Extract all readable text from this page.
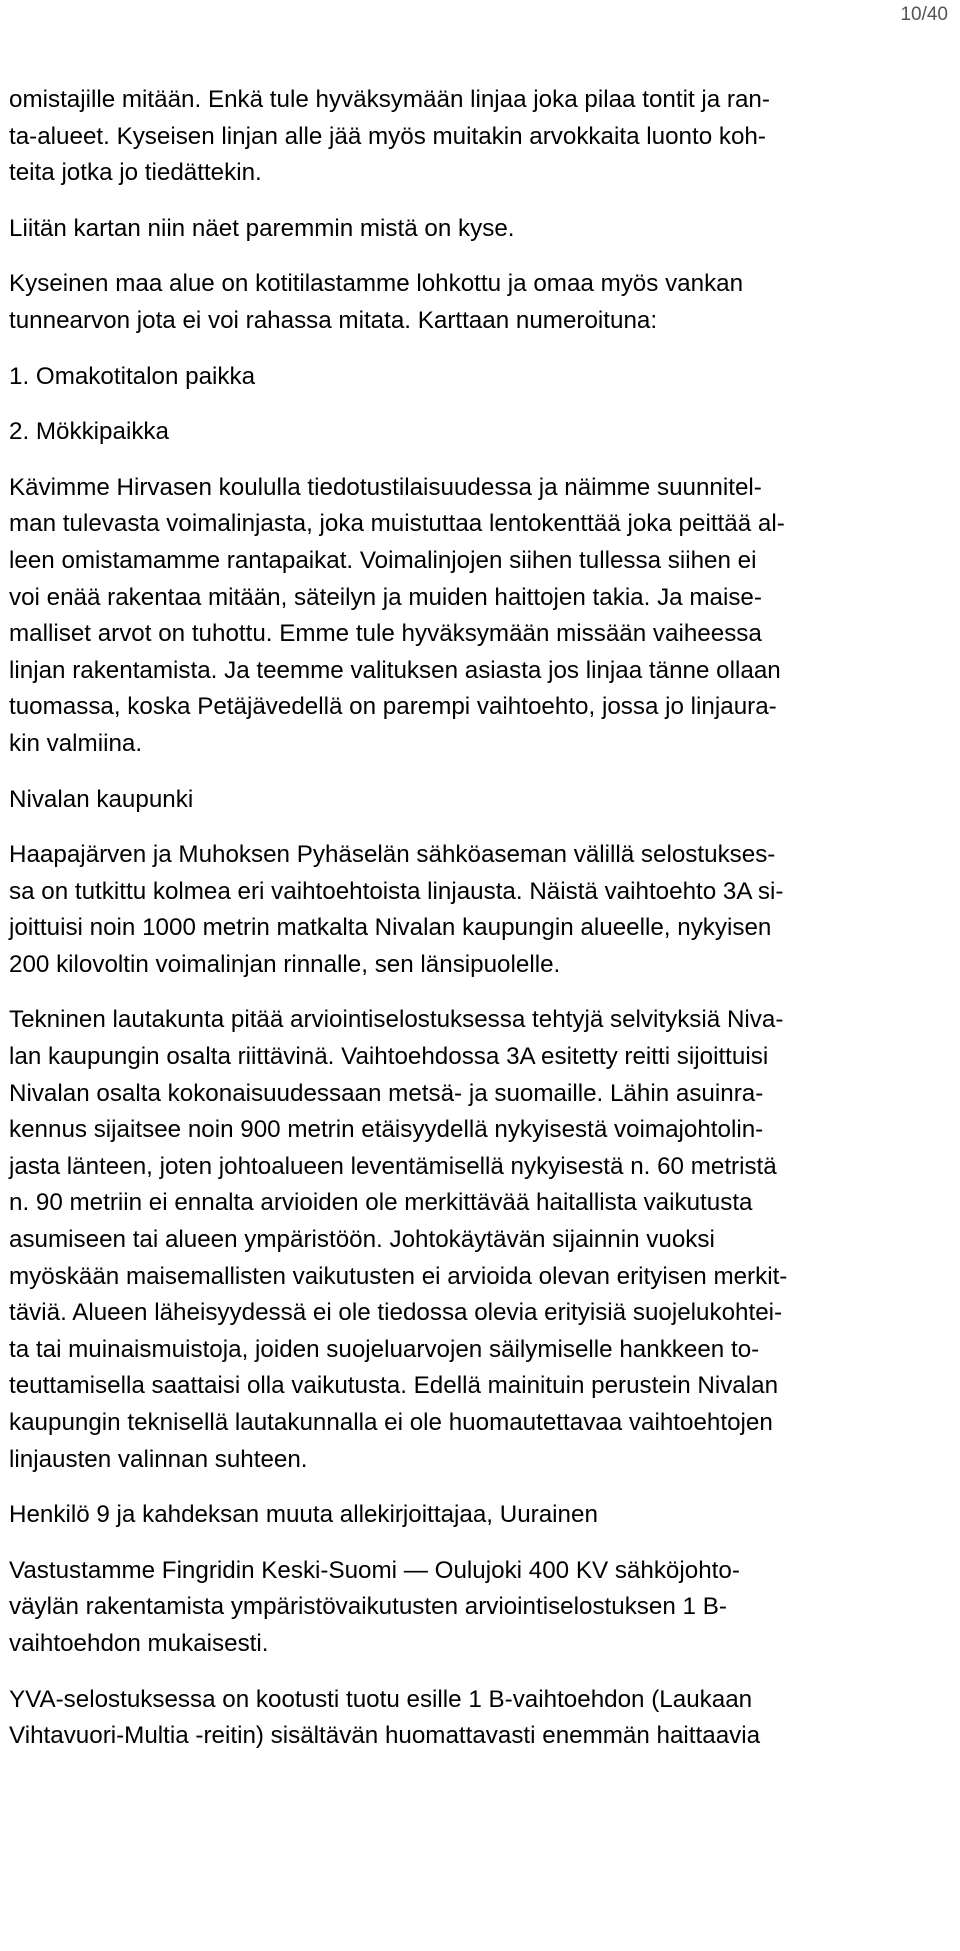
10/40
omistajille mitään. Enkä tule hyväksymään linjaa joka pilaa tontit ja ran-
ta-alueet. Kyseisen linjan alle jää myös muitakin arvokkaita luonto koh-
teita jotka jo tiedättekin.
Liitän kartan niin näet paremmin mistä on kyse.
Kyseinen maa alue on kotitilastamme lohkottu ja omaa myös vankan
tunnearvon jota ei voi rahassa mitata. Karttaan numeroituna:
1. Omakotitalon paikka
2. Mökkipaikka
Kävimme Hirvasen koululla tiedotustilaisuudessa ja näimme suunnitel-
man tulevasta voimalinjasta, joka muistuttaa lentokenttää joka peittää al-
leen omistamamme rantapaikat. Voimalinjojen siihen tullessa siihen ei
voi enää rakentaa mitään, säteilyn ja muiden haittojen takia. Ja maise-
malliset arvot on tuhottu. Emme tule hyväksymään missään vaiheessa
linjan rakentamista. Ja teemme valituksen asiasta jos linjaa tänne ollaan
tuomassa, koska Petäjävedellä on parempi vaihtoehto, jossa jo linjaura-
kin valmiina.
Nivalan kaupunki
Haapajärven ja Muhoksen Pyhäselän sähköaseman välillä selostukses-
sa on tutkittu kolmea eri vaihtoehtoista linjausta. Näistä vaihtoehto 3A si-
joittuisi noin 1000 metrin matkalta Nivalan kaupungin alueelle, nykyisen
200 kilovoltin voimalinjan rinnalle, sen länsipuolelle.
Tekninen lautakunta pitää arviointiselostuksessa tehtyjä selvityksiä Niva-
lan kaupungin osalta riittävinä. Vaihtoehdossa 3A esitetty reitti sijoittuisi
Nivalan osalta kokonaisuudessaan metsä- ja suomaille. Lähin asuinra-
kennus sijaitsee noin 900 metrin etäisyydellä nykyisestä voimajohtolin-
jasta länteen, joten johtoalueen leventämisellä nykyisestä n. 60 metristä
n. 90 metriin ei ennalta arvioiden ole merkittävää haitallista vaikutusta
asumiseen tai alueen ympäristöön. Johtokäytävän sijainnin vuoksi
myöskään maisemallisten vaikutusten ei arvioida olevan erityisen merkit-
täviä. Alueen läheisyydessä ei ole tiedossa olevia erityisiä suojelukohtei-
ta tai muinaismuistoja, joiden suojeluarvojen säilymiselle hankkeen to-
teuttamisella saattaisi olla vaikutusta. Edellä mainituin perustein Nivalan
kaupungin teknisellä lautakunnalla ei ole huomautettavaa vaihtoehtojen
linjausten valinnan suhteen.
Henkilö 9 ja kahdeksan muuta allekirjoittajaa, Uurainen
Vastustamme Fingridin Keski-Suomi — Oulujoki 400 KV sähköjohto-
väylän rakentamista ympäristövaikutusten arviointiselostuksen 1 B-
vaihtoehdon mukaisesti.
YVA-selostuksessa on kootusti tuotu esille 1 B-vaihtoehdon (Laukaan
Vihtavuori-Multia -reitin) sisältävän huomattavasti enemmän haittaavia
